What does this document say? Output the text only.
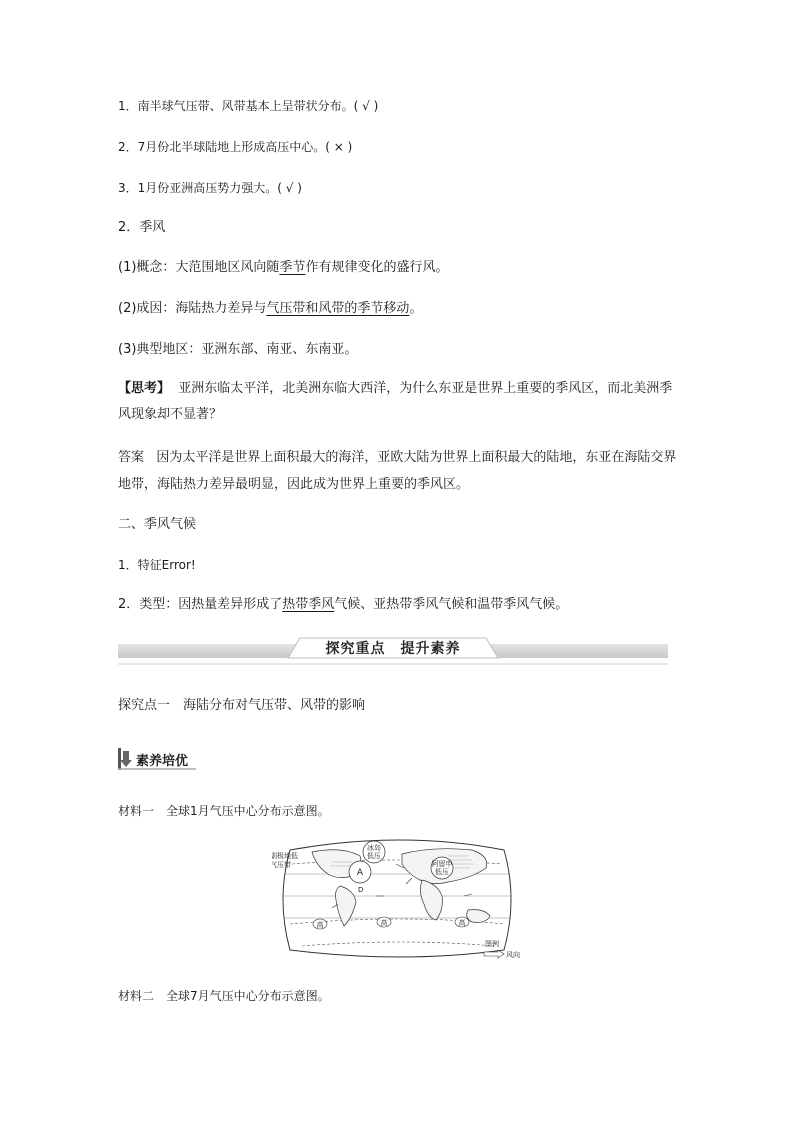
1．南半球气压带、风带基本上呈带状分布。( √ )
2．7月份北半球陆地上形成高压中心。( × )
3．1月份亚洲高压势力强大。( √ )
2．季风
(1)概念：大范围地区风向随季节作有规律变化的盛行风。
(2)成因：海陆热力差异与气压带和风带的季节移动。
(3)典型地区：亚洲东部、南亚、东南亚。
【思考】 亚洲东临太平洋，北美洲东临大西洋，为什么东亚是世界上重要的季风区，而北美洲季风现象却不显著？
答案 因为太平洋是世界上面积最大的海洋，亚欧大陆为世界上面积最大的陆地，东亚在海陆交界地带，海陆热力差异最明显，因此成为世界上重要的季风区。
二、季风气候
1．特征Error!
2．类型：因热量差异形成了热带季风气候、亚热带季风气候和温带季风气候。
探究重点　提升素养
探究点一　海陆分布对气压带、风带的影响
素养培优
材料一　全球1月气压中心分布示意图。
冰岛
低压
A
阿留申
低压
D
副极地低
气压带
高	高	高
图例
风向
材料二　全球7月气压中心分布示意图。
